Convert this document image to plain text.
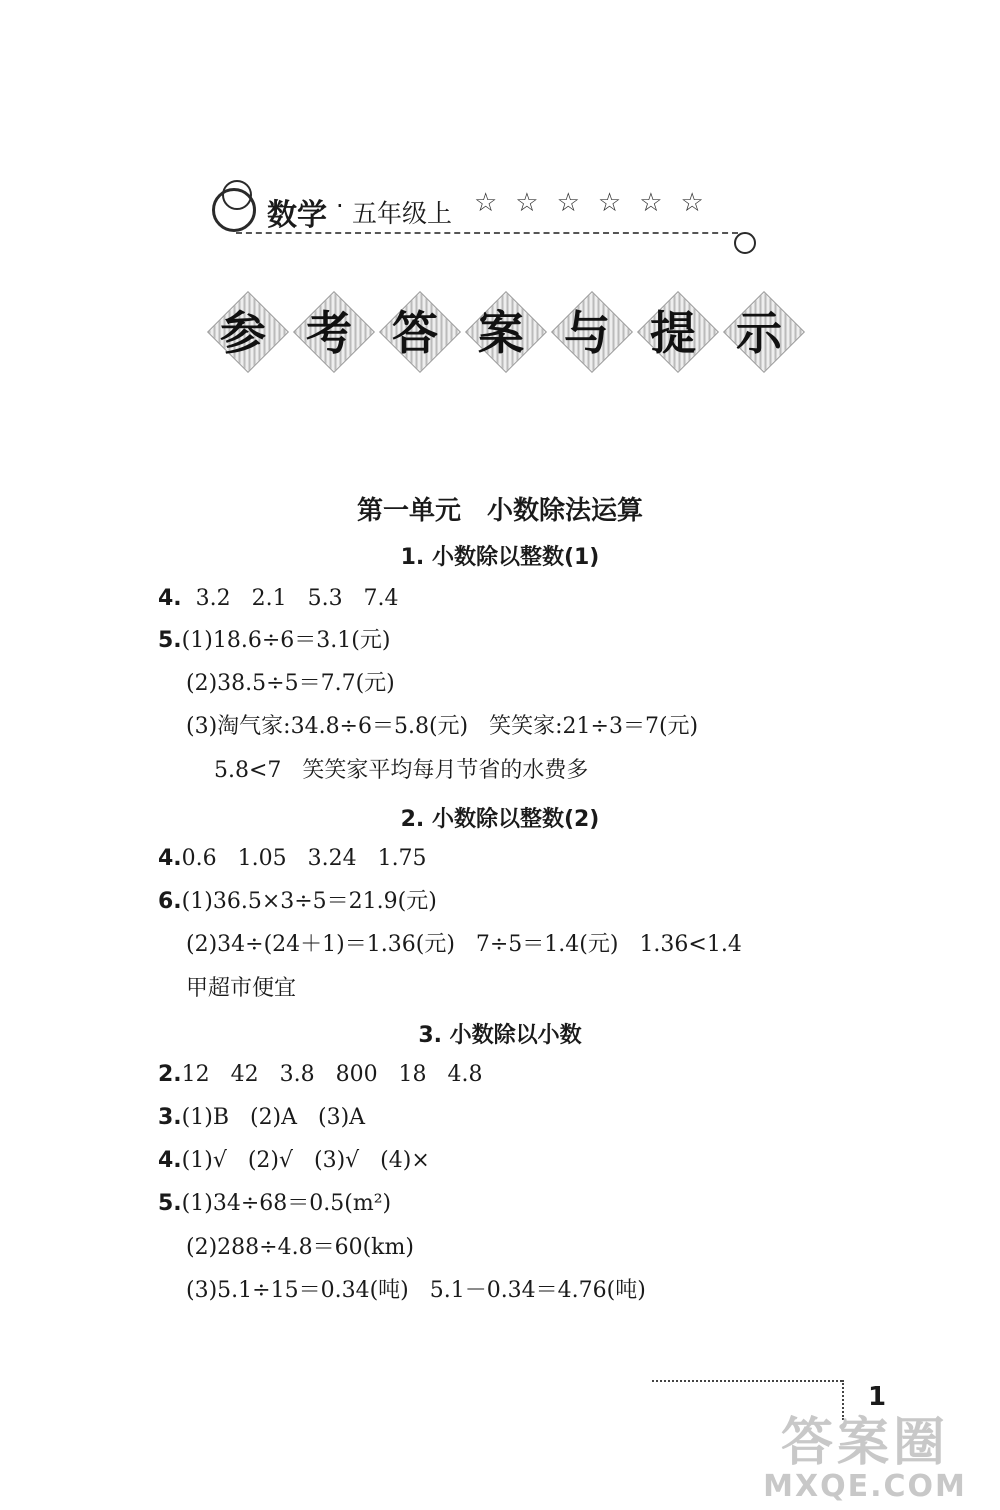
数学 · 五年级上 ☆☆☆☆☆☆
参 考 答 案 与 提 示
第一单元　小数除法运算
1. 小数除以整数(1)
4.  3.2   2.1   5.3   7.4
5.(1)18.6÷6＝3.1(元)
(2)38.5÷5＝7.7(元)
(3)淘气家:34.8÷6＝5.8(元)   笑笑家:21÷3＝7(元)
5.8<7   笑笑家平均每月节省的水费多
2. 小数除以整数(2)
4.0.6   1.05   3.24   1.75
6.(1)36.5×3÷5＝21.9(元)
(2)34÷(24＋1)＝1.36(元)   7÷5＝1.4(元)   1.36<1.4
甲超市便宜
3. 小数除以小数
2.12   42   3.8   800   18   4.8
3.(1)B   (2)A   (3)A
4.(1)√   (2)√   (3)√   (4)×
5.(1)34÷68＝0.5(m²)
(2)288÷4.8＝60(km)
(3)5.1÷15＝0.34(吨)   5.1－0.34＝4.76(吨)
1
答案圈
MXQE.COM
